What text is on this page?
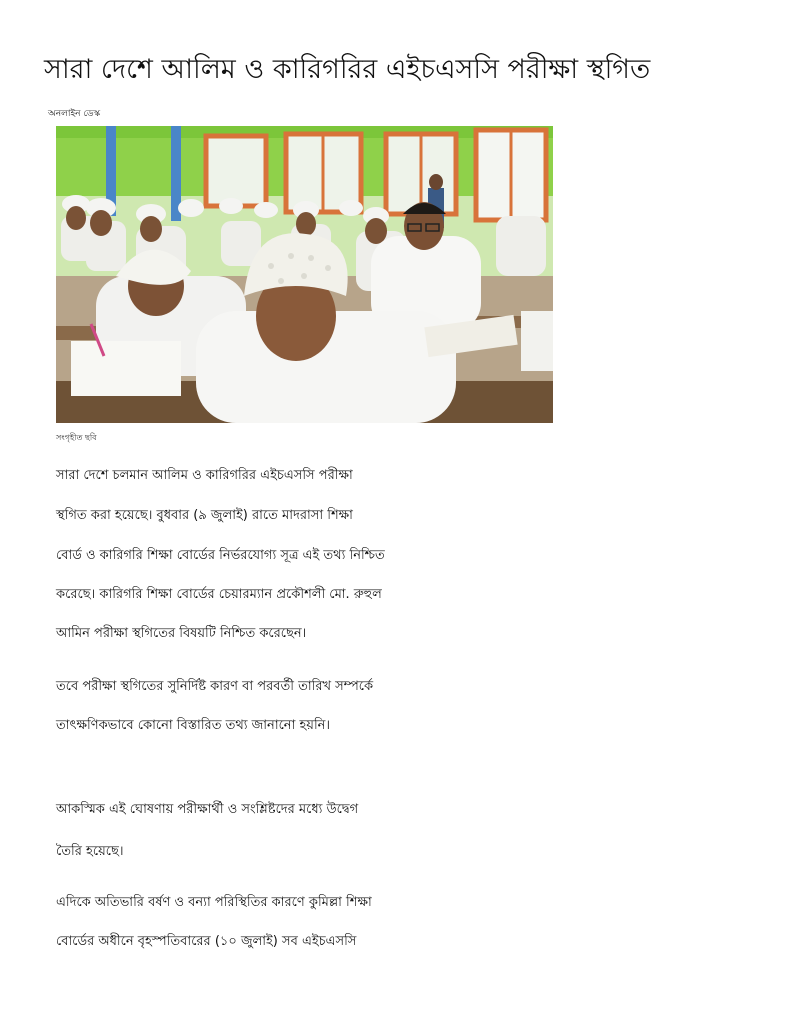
সারা দেশে আলিম ও কারিগরির এইচএসসি পরীক্ষা স্থগিত
অনলাইন ডেস্ক
সংগৃহীত ছবি
সারা দেশে চলমান আলিম ও কারিগরির এইচএসসি পরীক্ষা
স্থগিত করা হয়েছে। বুধবার (৯ জুলাই) রাতে মাদরাসা শিক্ষা
বোর্ড ও কারিগরি শিক্ষা বোর্ডের নির্ভরযোগ্য সূত্র এই তথ্য নিশ্চিত
করেছে। কারিগরি শিক্ষা বোর্ডের চেয়ারম্যান প্রকৌশলী মো. রুহুল
আমিন পরীক্ষা স্থগিতের বিষয়টি নিশ্চিত করেছেন।
তবে পরীক্ষা স্থগিতের সুনির্দিষ্ট কারণ বা পরবর্তী তারিখ সম্পর্কে
তাৎক্ষণিকভাবে কোনো বিস্তারিত তথ্য জানানো হয়নি।
আকস্মিক এই ঘোষণায় পরীক্ষার্থী ও সংশ্লিষ্টদের মধ্যে উদ্বেগ
তৈরি হয়েছে।
এদিকে অতিভারি বর্ষণ ও বন্যা পরিস্থিতির কারণে কুমিল্লা শিক্ষা
বোর্ডের অধীনে বৃহস্পতিবারের (১০ জুলাই) সব এইচএসসি
